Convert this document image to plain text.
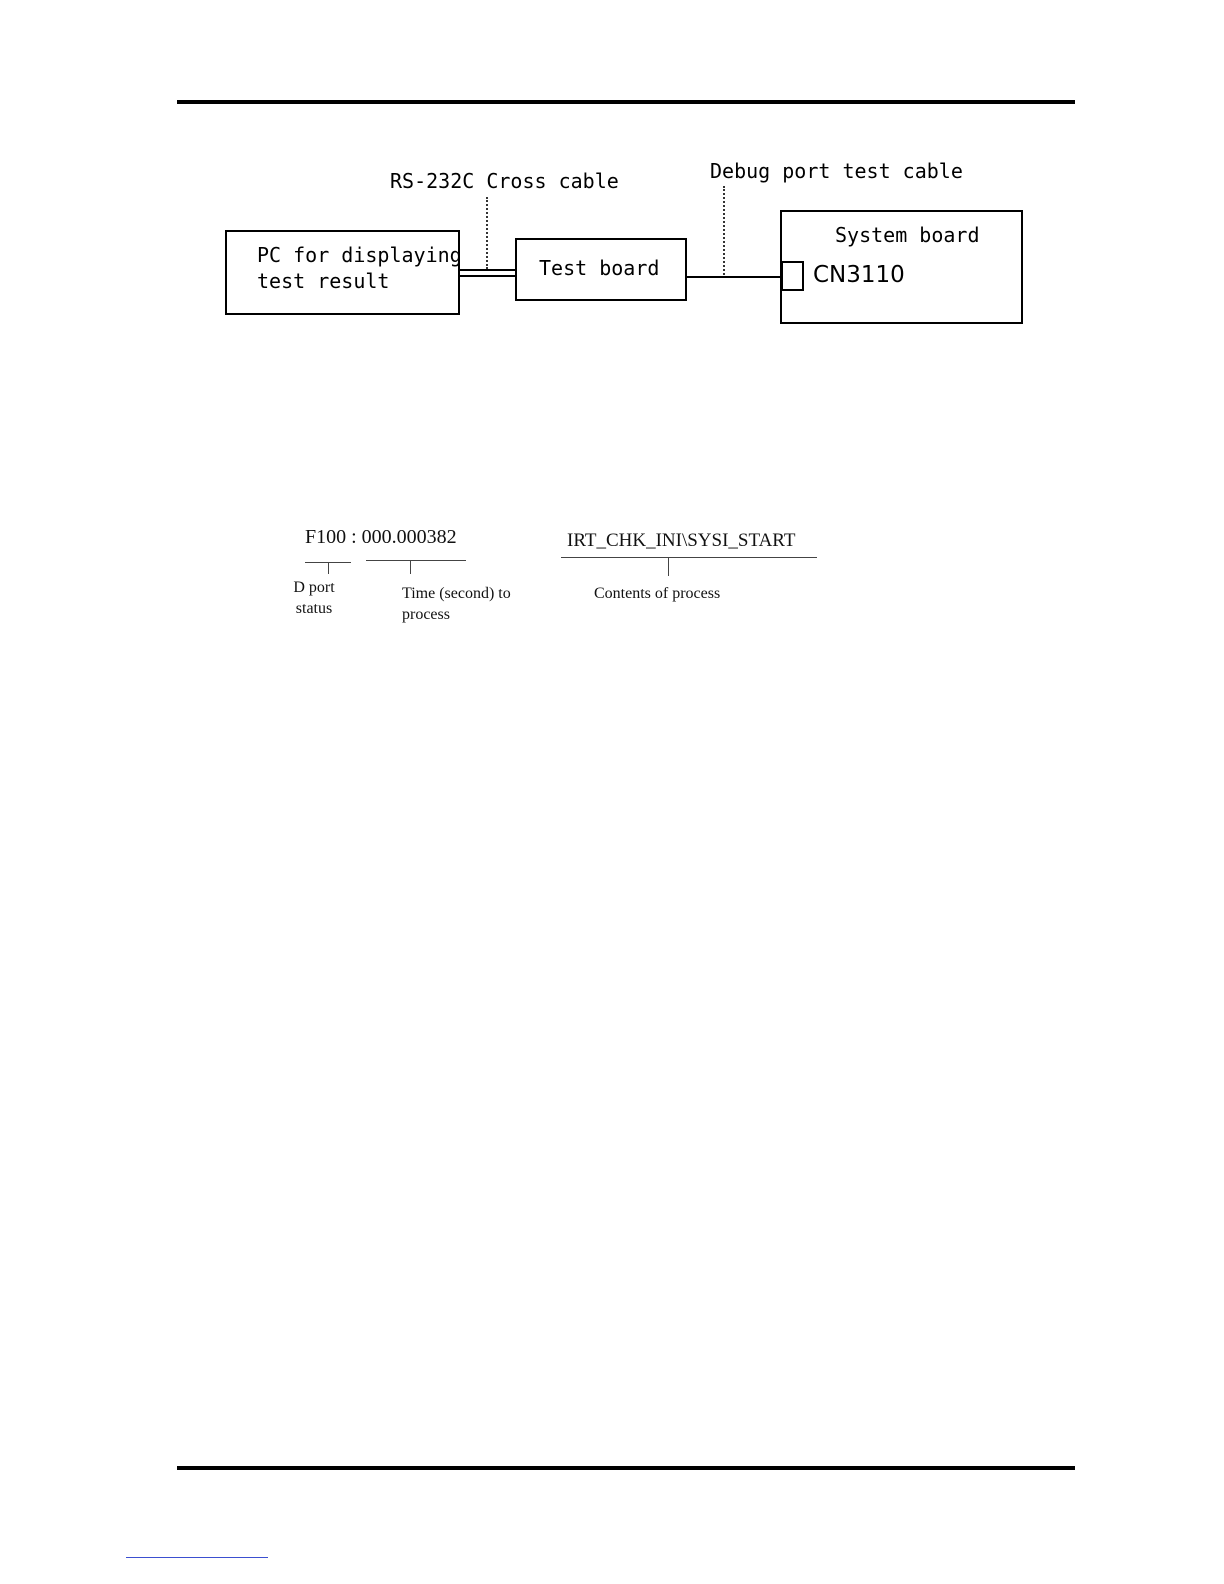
RS-232C Cross cable	Debug port test cable
PC for displaying
test result
Test board
System board
CN3110
F100 : 000.000382	IRT_CHK_INI\SYSI_START
D port
status
Time (second) to
process
Contents of process
